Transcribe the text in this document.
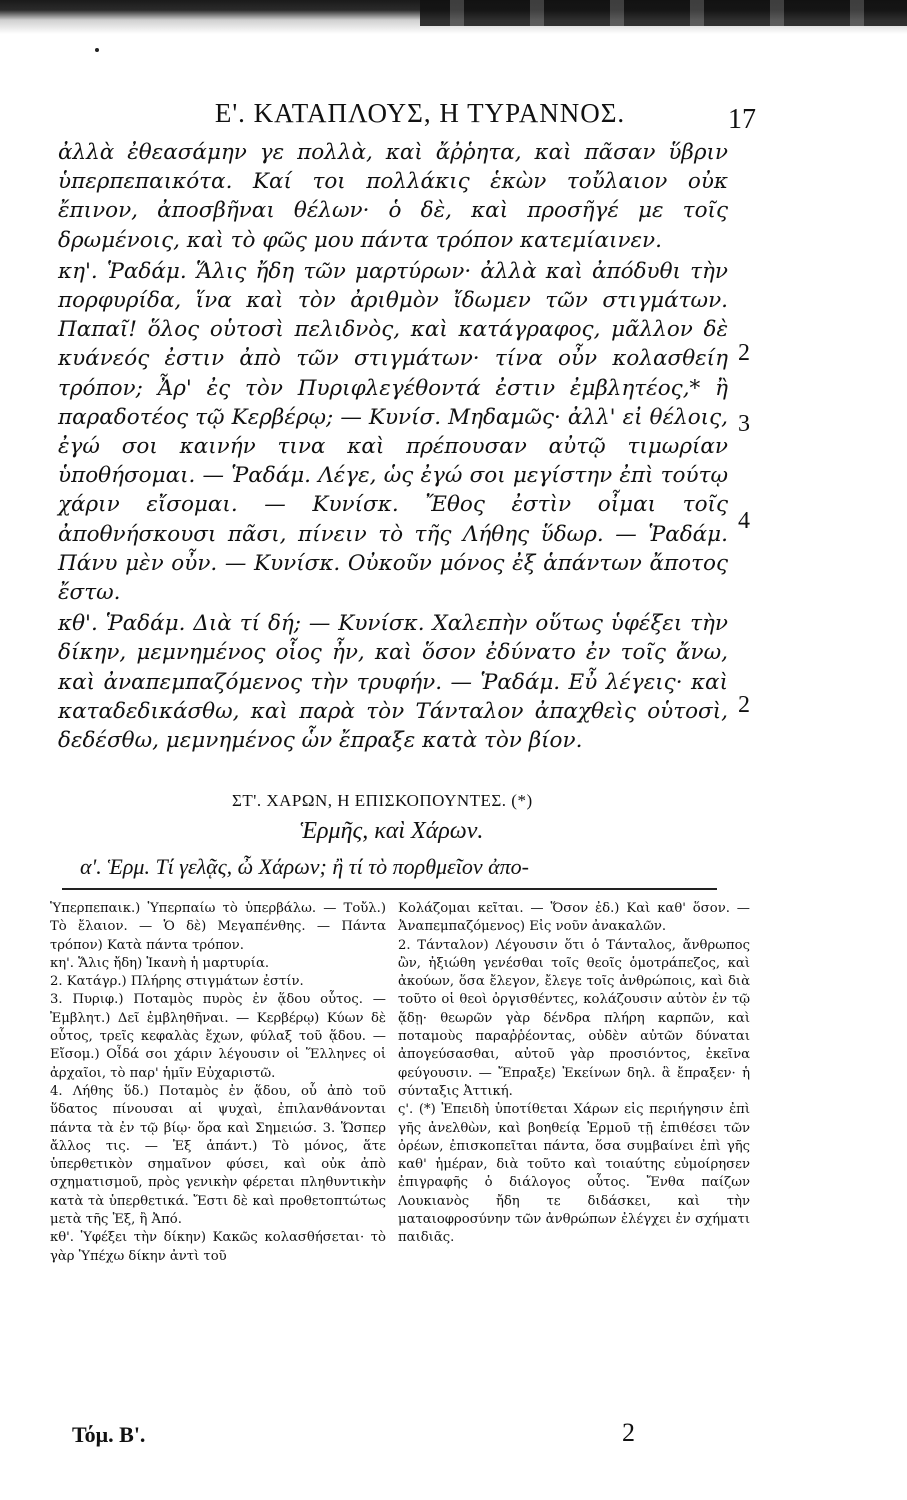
Ε'. ΚΑΤΑΠΛΟΥΣ, Η ΤΥΡΑΝΝΟΣ.	17

ἀλλὰ ἐθεασάμην γε πολλὰ, καὶ ἄῤῥητα, καὶ πᾶσαν ὕβριν ὑπερπεπαικότα. Καί τοι πολλάκις ἑκὼν τοὔλαιον οὐκ ἔπινον, ἀποσβῆναι θέλων· ὁ δὲ, καὶ προσῆγέ με τοῖς δρωμένοις, καὶ τὸ φῶς μου πάντα τρόπον κατεμίαινεν.

κη'. Ῥαδάμ. Ἅλις ἤδη τῶν μαρτύρων· ἀλλὰ καὶ ἀπόδυθι τὴν πορφυρίδα, ἵνα καὶ τὸν ἀριθμὸν ἴδωμεν τῶν στιγμάτων. Παπαῖ! ὅλος οὑτοσὶ πελιδνὸς, καὶ κατάγραφος, μᾶλλον δὲ κυάνεός ἐστιν ἀπὸ τῶν στιγμάτων· τίνα οὖν κολασθείη τρόπον; Ἆρ' ἐς τὸν Πυριφλεγέθοντά ἐστιν ἐμβλητέος,* ἢ παραδοτέος τῷ Κερβέρῳ; — Κυνίσ. Μηδαμῶς· ἀλλ' εἰ θέλοις, ἐγώ σοι καινήν τινα καὶ πρέπουσαν αὐτῷ τιμωρίαν ὑποθήσομαι. — Ῥαδάμ. Λέγε, ὡς ἐγώ σοι μεγίστην ἐπὶ τούτῳ χάριν εἴσομαι. — Κυνίσκ. Ἔθος ἐστὶν οἶμαι τοῖς ἀποθνήσκουσι πᾶσι, πίνειν τὸ τῆς Λήθης ὕδωρ. — Ῥαδάμ. Πάνυ μὲν οὖν. — Κυνίσκ. Οὐκοῦν μόνος ἐξ ἁπάντων ἄποτος ἔστω.

κθ'. Ῥαδάμ. Διὰ τί δή; — Κυνίσκ. Χαλεπὴν οὕτως ὑφέξει τὴν δίκην, μεμνημένος οἷος ἦν, καὶ ὅσον ἐδύνατο ἐν τοῖς ἄνω, καὶ ἀναπεμπαζόμενος τὴν τρυφήν. — Ῥαδάμ. Εὖ λέγεις· καὶ καταδεδικάσθω, καὶ παρὰ τὸν Τάνταλον ἀπαχθεὶς οὑτοσὶ, δεδέσθω, μεμνημένος ὧν ἔπραξε κατὰ τὸν βίον.

2
3
4
2
ΣΤ'. ΧΑΡΩΝ, Η ΕΠΙΣΚΟΠΟΥΝΤΕΣ. (*)
Ἑρμῆς, καὶ Χάρων.
α'. Ἑρμ. Τί γελᾷς, ὦ Χάρων; ἢ τί τὸ πορθμεῖον ἀπο-

Ὑπερπεπαικ.) Ὑπερπαίω τὸ ὑπερβάλω. — Τοὔλ.) Τὸ ἔλαιον. — Ὁ δὲ) Μεγαπένθης. — Πάντα τρόπον) Κατὰ πάντα τρόπον.

κη'. Ἅλις ἤδη) Ἱκανὴ ἡ μαρτυρία.

2. Κατάγρ.) Πλήρης στιγμάτων ἐστίν.

3. Πυριφ.) Ποταμὸς πυρὸς ἐν ᾅδου οὗτος. — Ἐμβλητ.) Δεῖ ἐμβληθῆναι. — Κερβέρῳ) Κύων δὲ οὗτος, τρεῖς κεφαλὰς ἔχων, φύλαξ τοῦ ᾅδου. — Εἴσομ.) Οἶδά σοι χάριν λέγουσιν οἱ Ἕλληνες οἱ ἀρχαῖοι, τὸ παρ' ἡμῖν Εὐχαριστῶ.

4. Λήθης ὕδ.) Ποταμὸς ἐν ᾅδου, οὗ ἀπὸ τοῦ ὕδατος πίνουσαι αἱ ψυχαὶ, ἐπιλανθάνονται πάντα τὰ ἐν τῷ βίῳ· ὅρα καὶ Σημειώσ. 3. Ὥσπερ ἄλλος τις. — Ἐξ ἁπάντ.) Τὸ μόνος, ἅτε ὑπερθετικὸν σημαῖνον φύσει, καὶ οὐκ ἀπὸ σχηματισμοῦ, πρὸς γενικὴν φέρεται πληθυντικὴν κατὰ τὰ ὑπερθετικά. Ἔστι δὲ καὶ προθετοπτώτως μετὰ τῆς Ἐξ, ἢ Ἀπό.

κθ'. Ὑφέξει τὴν δίκην) Κακῶς κολασθήσεται· τὸ γὰρ Ὑπέχω δίκην ἀντὶ τοῦ

Κολάζομαι κεῖται. — Ὅσον ἐδ.) Καὶ καθ' ὅσον. — Ἀναπεμπαζόμενος) Εἰς νοῦν ἀνακαλῶν.

2. Τάνταλον) Λέγουσιν ὅτι ὁ Τάνταλος, ἄνθρωπος ὢν, ἠξιώθη γενέσθαι τοῖς θεοῖς ὁμοτράπεζος, καὶ ἀκούων, ὅσα ἔλεγον, ἔλεγε τοῖς ἀνθρώποις, καὶ διὰ τοῦτο οἱ θεοὶ ὀργισθέντες, κολάζουσιν αὐτὸν ἐν τῷ ᾅδῃ· θεωρῶν γὰρ δένδρα πλήρη καρπῶν, καὶ ποταμοὺς παραῤῥέοντας, οὐδὲν αὐτῶν δύναται ἀπογεύσασθαι, αὐτοῦ γὰρ προσιόντος, ἐκεῖνα φεύγουσιν. — Ἔπραξε) Ἐκείνων δηλ. ἃ ἔπραξεν· ἡ σύνταξις Ἀττική.

ς'. (*) Ἐπειδὴ ὑποτίθεται Χάρων εἰς περιήγησιν ἐπὶ γῆς ἀνελθὼν, καὶ βοηθείᾳ Ἑρμοῦ τῇ ἐπιθέσει τῶν ὀρέων, ἐπισκοπεῖται πάντα, ὅσα συμβαίνει ἐπὶ γῆς καθ' ἡμέραν, διὰ τοῦτο καὶ τοιαύτης εὐμοίρησεν ἐπιγραφῆς ὁ διάλογος οὗτος. Ἔνθα παίζων Λουκιανὸς ἤδη τε διδάσκει, καὶ τὴν ματαιοφροσύνην τῶν ἀνθρώπων ἐλέγχει ἐν σχήματι παιδιᾶς.

Τόμ. Β'.	2
